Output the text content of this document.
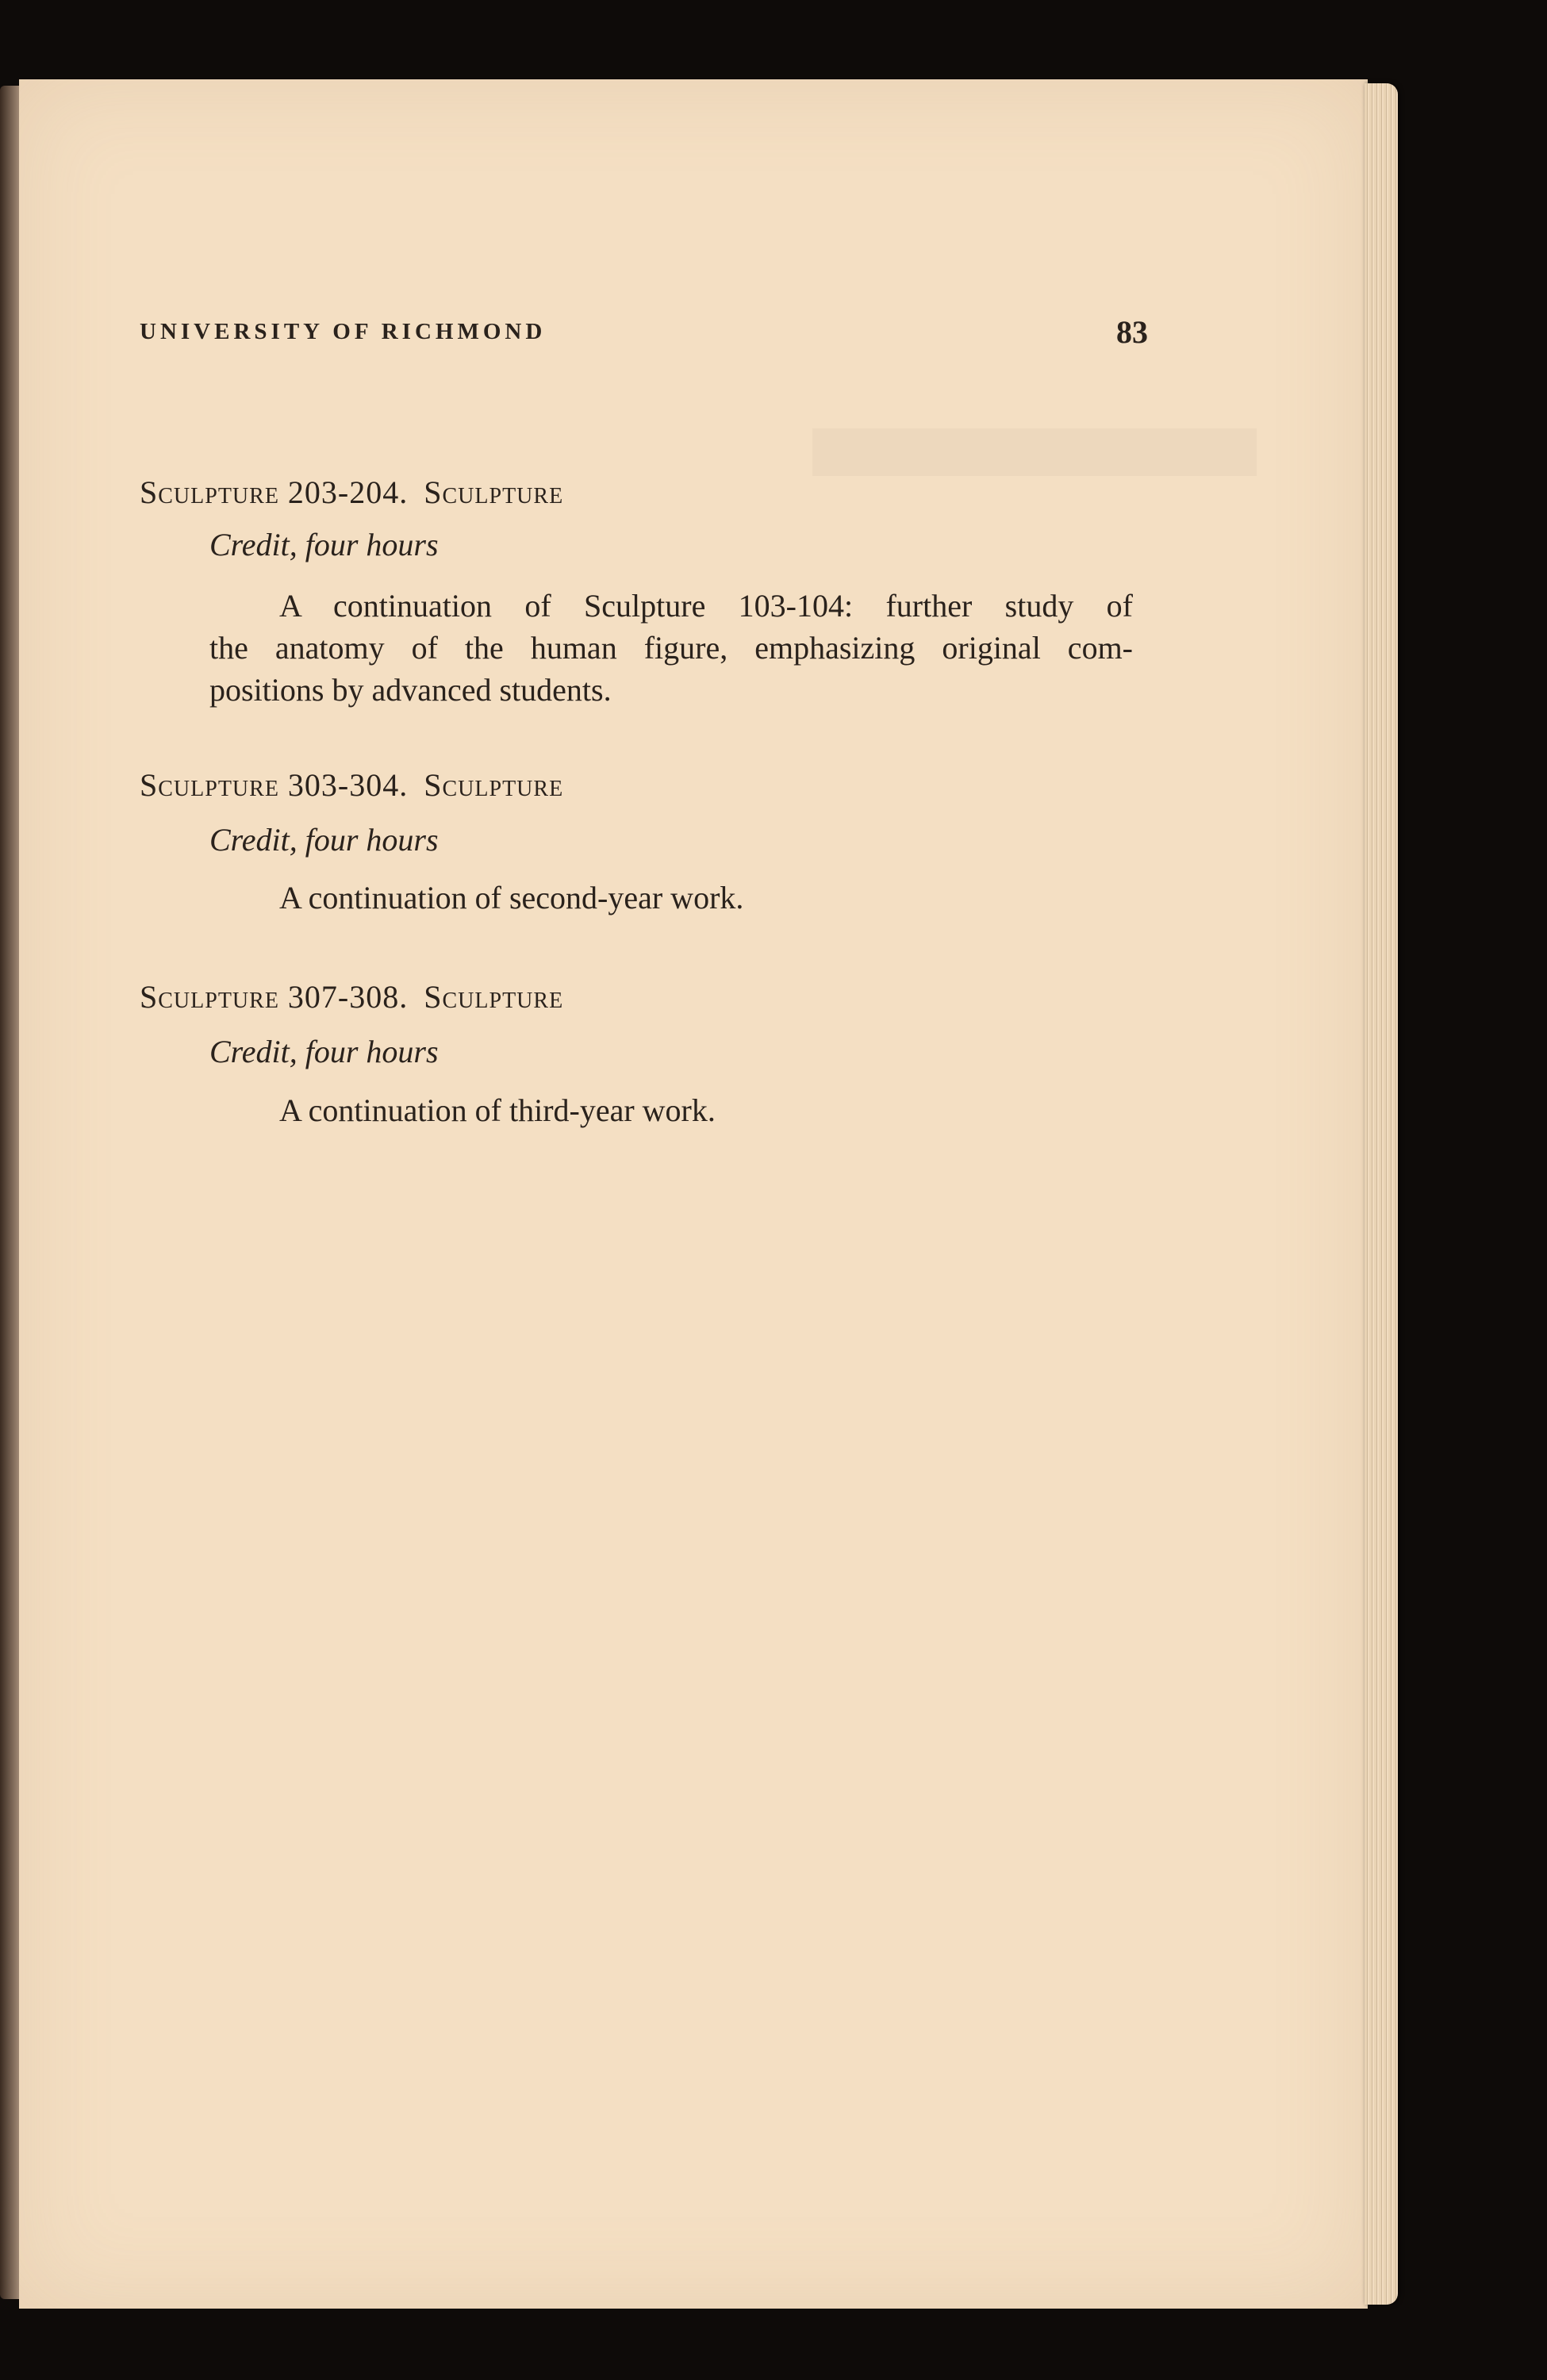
UNIVERSITY OF RICHMOND	83
Sculpture 203-204. Sculpture
Credit, four hours
A continuation of Sculpture 103-104: further study of
the anatomy of the human figure, emphasizing original com-
positions by advanced students.
Sculpture 303-304. Sculpture
Credit, four hours
A continuation of second-year work.
Sculpture 307-308. Sculpture
Credit, four hours
A continuation of third-year work.
